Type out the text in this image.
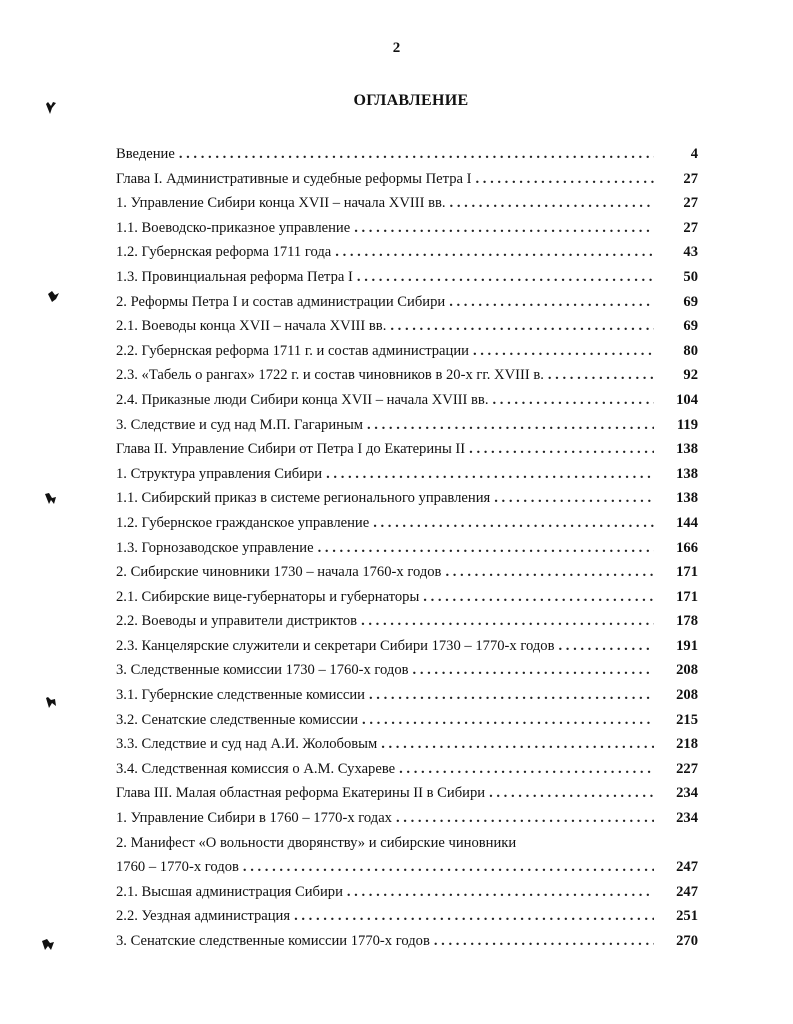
2
ОГЛАВЛЕНИЕ
Введение . . .	4
Глава I. Административные и судебные реформы Петра I . . .	27
1. Управление Сибири конца XVII – начала XVIII вв. . . .	27
1.1. Воеводско-приказное управление . . .	27
1.2. Губернская реформа 1711 года . . .	43
1.3. Провинциальная реформа Петра I . . .	50
2. Реформы Петра I и состав администрации Сибири . . .	69
2.1. Воеводы конца XVII – начала XVIII вв. . . .	69
2.2. Губернская реформа 1711 г. и состав администрации . . .	80
2.3. «Табель о рангах» 1722 г. и состав чиновников в 20-х гг. XVIII в. . . .	92
2.4. Приказные люди Сибири конца XVII – начала XVIII вв. . . .	104
3. Следствие и суд над М.П. Гагариным . . .	119
Глава II. Управление Сибири от Петра I до Екатерины II . . .	138
1. Структура управления Сибири . . .	138
1.1. Сибирский приказ в системе регионального управления . . .	138
1.2. Губернское гражданское управление . . .	144
1.3. Горнозаводское управление . . .	166
2. Сибирские чиновники 1730 – начала 1760-х годов . . .	171
2.1. Сибирские вице-губернаторы и губернаторы . . .	171
2.2. Воеводы и управители дистриктов . . .	178
2.3. Канцелярские служители и секретари Сибири 1730 – 1770-х годов . . .	191
3. Следственные комиссии 1730 – 1760-х годов . . .	208
3.1. Губернские следственные комиссии . . .	208
3.2. Сенатские следственные комиссии . . .	215
3.3. Следствие и суд над А.И. Жолобовым . . .	218
3.4. Следственная комиссия о А.М. Сухареве . . .	227
Глава III. Малая областная реформа Екатерины II в Сибири . . .	234
1. Управление Сибири в 1760 – 1770-х годах . . .	234
2. Манифест «О вольности дворянству» и сибирские чиновники
1760 – 1770-х годов . . .	247
2.1. Высшая администрация Сибири . . .	247
2.2. Уездная администрация . . .	251
3. Сенатские следственные комиссии 1770-х годов . . .	270
